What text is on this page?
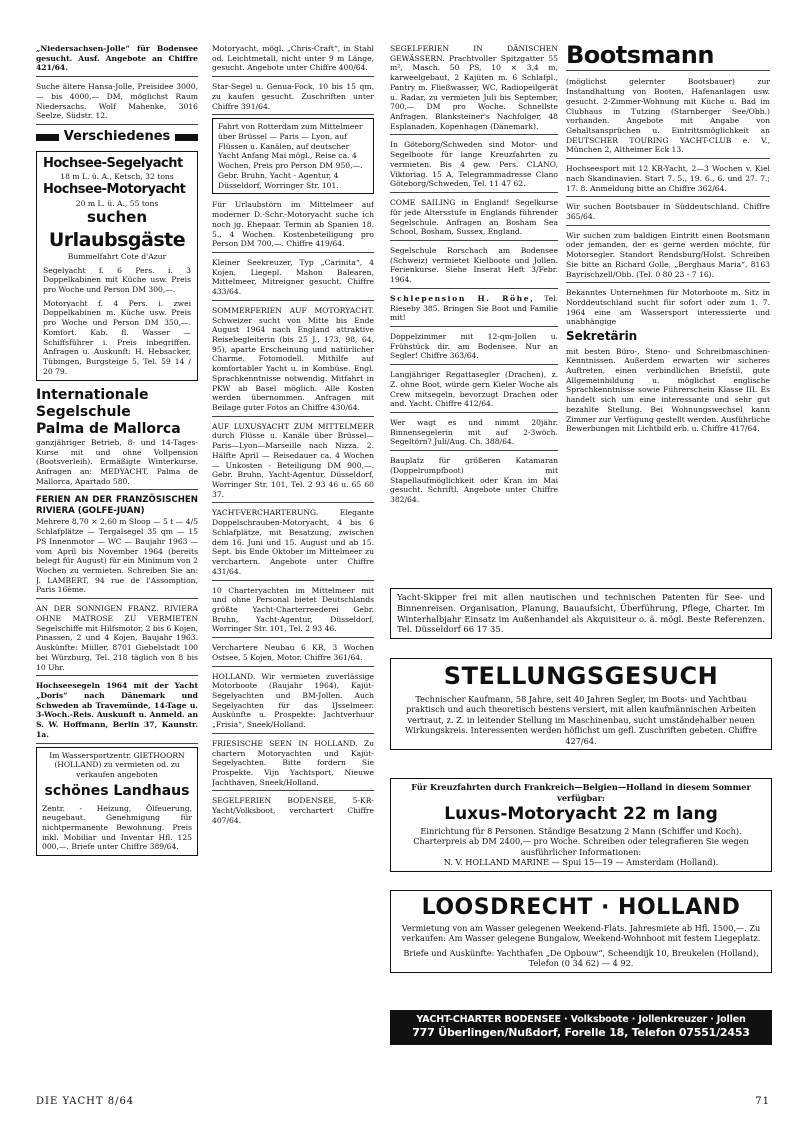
„Niedersachsen-Jolle“ für Bodensee gesucht. Ausf. Angebote an Chiffre 421/64.
Suche ältere Hansa-Jolle, Preisidee 3000,— bis 4000,— DM, möglichst Raum Niedersachs. Wolf Mahenke, 3016 Seelze, Südstr. 12.
Verschiedenes
Hochsee-Segelyacht
18 m L. ü. A., Ketsch, 32 tons
Hochsee-Motoryacht
20 m L. ü. A., 55 tons
suchen
Urlaubsgäste
Bummelfahrt Cote d'Azur
Segelyacht f. 6 Pers. i. 3 Doppelkabinen mit Küche usw. Preis pro Woche und Person DM 300,—.
Motoryacht f. 4 Pers. i. zwei Doppelkabinen m. Küche usw. Preis pro Woche und Person DM 350,—. Komfort. Kab. fl. Wasser — Schiffsführer i. Preis inbegriffen. Anfragen u. Auskunft: H. Hebsacker, Tübingen, Burgsteige 5, Tel. 59 14 / 20 79.
Internationale
Segelschule
Palma de Mallorca
ganzjähriger Betrieb, 8- und 14-Tages-Kurse mit und ohne Vollpension (Bootsverleih). Ermäßigte Winterkurse. Anfragen an: MEDYACHT, Palma de Mallorca, Apartado 580.
FERIEN AN DER FRANZÖSISCHEN RIVIERA (GOLFE-JUAN)
Mehrere 8,70 × 2,60 m Sloop — 5 t — 4/5 Schlafplätze — Tergalsegel 35 qm — 15 PS Innenmotor — WC — Baujahr 1963 — vom April bis November 1964 (bereits belegt für August) für ein Minimum von 2 Wochen zu vermieten. Schreiben Sie an: J. LAMBERT, 94 rue de l'Assomption, Paris 16ème.
AN DER SONNIGEN FRANZ. RIVIERA OHNE MATROSE ZU VERMIETEN Segelschiffe mit Hilfsmotor, 2 bis 6 Kojen, Pinassen, 2 und 4 Kojen, Baujahr 1963. Auskünfte: Müller, 8701 Giebelstadt 100 bei Würzburg, Tel. 218 täglich von 8 bis 10 Uhr.
Hochseesegeln 1964 mit der Yacht „Doris“ nach Dänemark und Schweden ab Travemünde, 14-Tage u. 3-Woch.-Reis. Auskunft u. Anmeld. an S. W. Hoffmann, Berlin 37, Kaunstr. 1a.
Im Wassersportzentr. GIETHOORN (HOLLAND) zu vermieten od. zu verkaufen angeboten
schönes Landhaus
Zentr. - Heizung, Ölfeuerung, neugebaut. Genehmigung für nichtpermanente Bewohnung. Preis inkl. Mobiliar und Inventar Hfl. 125 000,—. Briefe unter Chiffre 389/64.
Motoryacht, mögl. „Chris-Craft“, in Stahl od. Leichtmetall, nicht unter 9 m Länge, gesucht. Angebote unter Chiffre 400/64.
Star-Segel u. Genua-Fock, 10 bis 15 qm, zu kaufen gesucht. Zuschriften unter Chiffre 391/64.
Fahrt von Rotterdam zum Mittelmeer über Brüssel — Paris — Lyon, auf Flüssen u. Kanälen, auf deutscher Yacht Anfang Mai mögl., Reise ca. 4 Wochen, Preis pro Person DM 950,—. Gebr. Bruhn, Yacht - Agentur, 4 Düsseldorf, Worringer Str. 101.
Für Urlaubstörn im Mittelmeer auf moderner D.-Schr.-Motoryacht suche ich noch jg. Ehepaar. Termin ab Spanien 18. 5., 4 Wochen. Kostenbeteiligung pro Person DM 700,—. Chiffre 419/64.
Kleiner Seekreuzer, Typ „Carinita“, 4 Kojen, Liegepl. Mahon Balearen, Mittelmeer, Mitreigner gesucht. Chiffre 433/64.
SOMMERFERIEN AUF MOTORYACHT. Schweizer sucht von Mitte bis Ende August 1964 nach England attraktive Reisebegleiterin (bis 25 J., 173, 98, 64, 95), aparte Erscheinung und natürlicher Charme. Fotomodell. Mithilfe auf komfortabler Yacht u. in Kombüse. Engl. Sprachkenntnisse notwendig. Mitfahrt in PKW ab Basel möglich. Alle Kosten werden übernommen. Anfragen mit Beilage guter Fotos an Chiffre 430/64.
AUF LUXUSYACHT ZUM MITTELMEER durch Flüsse u. Kanäle über Brüssel—Paris—Lyon—Marseille nach Nizza. 2. Hälfte April — Reisedauer ca. 4 Wochen — Unkosten - Beteiligung DM 900,—. Gebr. Bruhn, Yacht-Agentur, Düsseldorf, Worringer Str. 101, Tel. 2 93 46 u. 65 60 37.
YACHT-VERCHARTERUNG. Elegante Doppelschrauben-Motoryacht, 4 bis 6 Schlafplätze, mit Besatzung, zwischen dem 16. Juni und 15. August und ab 15. Sept. bis Ende Oktober im Mittelmeer zu verchartern. Angebote unter Chiffre 431/64.
10 Charteryachten im Mittelmeer mit und ohne Personal bietet Deutschlands größte Yacht-Charterreederei Gebr. Bruhn, Yacht-Agentur, Düsseldorf, Worringer Str. 101, Tel. 2 93 46.
Verchartere Neubau 6 KR, 3 Wochen Ostsee, 5 Kojen, Motor. Chiffre 361/64.
HOLLAND. Wir vermieten zuverlässige Motorboote (Baujahr 1964), Kajüt-Segelyachten und BM-Jollen. Auch Segelyachten für das IJsselmeer. Auskünfte u. Prospekte: Jachtverhuur „Frisia“, Sneek/Holland.
FRIESISCHE SEEN IN HOLLAND. Zu chartern Motoryachten und Kajüt-Segelyachten. Bitte fordern Sie Prospekte. Vijn Yachtsport, Nieuwe Jachthaven, Sneek/Holland.
SEGELFERIEN BODENSEE, 5-KR-Yacht/Volksboot, verchartert Chiffre 407/64.
SEGELFERIEN IN DÄNISCHEN GEWÄSSERN. Prachtvoller Spitzgatter 55 m², Masch. 50 PS, 10 × 3,4 m, karweelgebaut, 2 Kajüten m. 6 Schlafpl., Pantry m. Fließwasser, WC, Radiopeilgerät u. Radar, zu vermieten Juli bis September, 700,— DM pro Woche. Schnellste Anfragen. Blanksteiner's Nachfolger, 48 Esplanaden, Kopenhagen (Dänemark).
In Göteborg/Schweden sind Motor- und Segelboote für lange Kreuzfahrten zu vermieten. Bis 4 gew. Pers. CLANO, Viktoriag. 15 A, Telegrammadresse Clano Göteborg/Schweden, Tel. 11 47 62.
COME SAILING in England! Segelkurse für jede Altersstufe in Englands führender Segelschule. Anfragen an Bosham Sea School, Bosham, Sussex, England.
Segelschule Rorschach am Bodensee (Schweiz) vermietet Kielboote und Jollen. Ferienkurse. Siehe Inserat Heft 3/Febr. 1964.
Schlepension H. Röhe, Tel. Rieseby 385. Bringen Sie Boot und Familie mit!
Doppelzimmer mit 12-qm-Jollen u. Frühstück dir. am Bodensee. Nur an Segler! Chiffre 363/64.
Langjähriger Regattasegler (Drachen), z. Z. ohne Boot, würde gern Kieler Woche als Crew mitsegeln, bevorzugt Drachen oder and. Yacht. Chiffre 412/64.
Wer wagt es und nimmt 20jähr. Binnensegelerin mit auf 2-3wöch. Segeltörn? Juli/Aug. Ch. 388/64.
Bauplatz für größeren Katamaran (Doppelrumpfboot) mit Stapellaufmöglichkeit oder Kran im Mai gesucht. Schriftl. Angebote unter Chiffre 382/64.
Bootsmann
(möglichst gelernter Bootsbauer) zur Instandhaltung von Booten, Hafenanlagen usw. gesucht. 2-Zimmer-Wohnung mit Küche u. Bad im Clubhaus in Tutzing (Starnberger See/Obb.) vorhanden. Angebote mit Angabe von Gehaltsansprüchen u. Eintrittsmöglichkeit an DEUTSCHER TOURING YACHT-CLUB e. V., München 2, Altheimer Eck 13.
Hochseesport mit 12 KR-Yacht, 2—3 Wochen v. Kiel nach Skandinavien. Start 7. 5., 19. 6., 6. und 27. 7.; 17. 8. Anmeldung bitte an Chiffre 362/64.
Wir suchen Bootsbauer in Süddeutschland. Chiffre 365/64.
Wir suchen zum baldigen Eintritt einen Bootsmann oder jemanden, der es gerne werden möchte, für Motorsegler. Standort Rendsburg/Holst. Schreiben Sie bitte an Richard Golle, „Berghaus Maria“, 8163 Bayrischzell/Obb. (Tel. 0 80 23 - 7 16).
Bekanntes Unternehmen für Motorboote m. Sitz in Norddeutschland sucht für sofort oder zum 1. 7. 1964 eine am Wassersport interessierte und unabhängige
Sekretärin
mit besten Büro-, Steno- und Schreibmaschinen-Kenntnissen. Außerdem erwarten wir sicheres Auftreten, einen verbindlichen Briefstil, gute Allgemeinbildung u. möglichst englische Sprachkenntnisse sowie Führerschein Klasse III. Es handelt sich um eine interessante und sehr gut bezahlte Stellung. Bei Wohnungswechsel kann Zimmer zur Verfügung gestellt werden. Ausführliche Bewerbungen mit Lichtbild erb. u. Chiffre 417/64.
Yacht-Skipper frei mit allen nautischen und technischen Patenten für See- und Binnenreisen. Organisation, Planung, Bauaufsicht, Überführung, Pflege, Charter. Im Winterhalbjahr Einsatz im Außenhandel als Akquisiteur o. ä. mögl. Beste Referenzen. Tel. Düsseldorf 66 17 35.
STELLUNGSGESUCH
Technischer Kaufmann, 58 Jahre, seit 40 Jahren Segler, im Boots- und Yachtbau praktisch und auch theoretisch bestens versiert, mit allen kaufmännischen Arbeiten vertraut, z. Z. in leitender Stellung im Maschinenbau, sucht umständehalber neuen Wirkungskreis. Interessenten werden höflichst um gefl. Zuschriften gebeten. Chiffre 427/64.
Für Kreuzfahrten durch Frankreich—Belgien—Holland in diesem Sommer verfügbar:
Luxus-Motoryacht 22 m lang
Einrichtung für 8 Personen. Ständige Besatzung 2 Mann (Schiffer und Koch). Charterpreis ab DM 2400,— pro Woche. Schreiben oder telegrafieren Sie wegen ausführlicher Informationen:
N. V. HOLLAND MARINE — Spui 15—19 — Amsterdam (Holland).
LOOSDRECHT · HOLLAND
Vermietung von am Wasser gelegenen Weekend-Flats. Jahresmiete ab Hfl. 1500,—. Zu verkaufen: Am Wasser gelegene Bungalow, Weekend-Wohnboot mit festem Liegeplatz.
Briefe und Auskünfte: Yachthafen „De Opbouw“, Scheendijk 10, Breukelen (Holland), Telefon (0 34 62) — 4 92.
YACHT-CHARTER BODENSEE · Volksboote · Jollenkreuzer · Jollen
777 Überlingen/Nußdorf, Forelle 18, Telefon 07551/2453
DIE YACHT 8/64	71
